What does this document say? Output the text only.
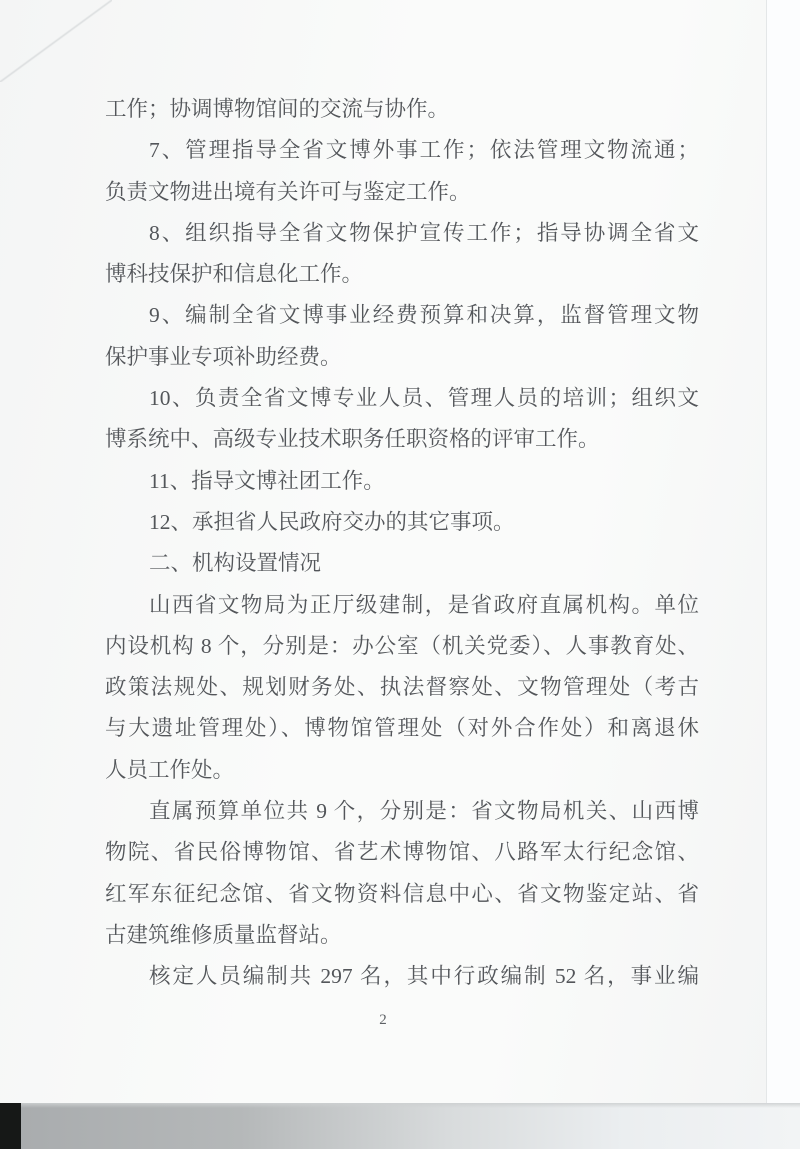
工作；协调博物馆间的交流与协作。
7、管理指导全省文博外事工作；依法管理文物流通；
负责文物进出境有关许可与鉴定工作。
8、组织指导全省文物保护宣传工作；指导协调全省文
博科技保护和信息化工作。
9、编制全省文博事业经费预算和决算，监督管理文物
保护事业专项补助经费。
10、负责全省文博专业人员、管理人员的培训；组织文
博系统中、高级专业技术职务任职资格的评审工作。
11、指导文博社团工作。
12、承担省人民政府交办的其它事项。
二、机构设置情况
山西省文物局为正厅级建制，是省政府直属机构。单位
内设机构 8 个，分别是：办公室（机关党委）、人事教育处、
政策法规处、规划财务处、执法督察处、文物管理处（考古
与大遗址管理处）、博物馆管理处（对外合作处）和离退休
人员工作处。
直属预算单位共 9 个，分别是：省文物局机关、山西博
物院、省民俗博物馆、省艺术博物馆、八路军太行纪念馆、
红军东征纪念馆、省文物资料信息中心、省文物鉴定站、省
古建筑维修质量监督站。
核定人员编制共 297 名，其中行政编制 52 名，事业编
2
